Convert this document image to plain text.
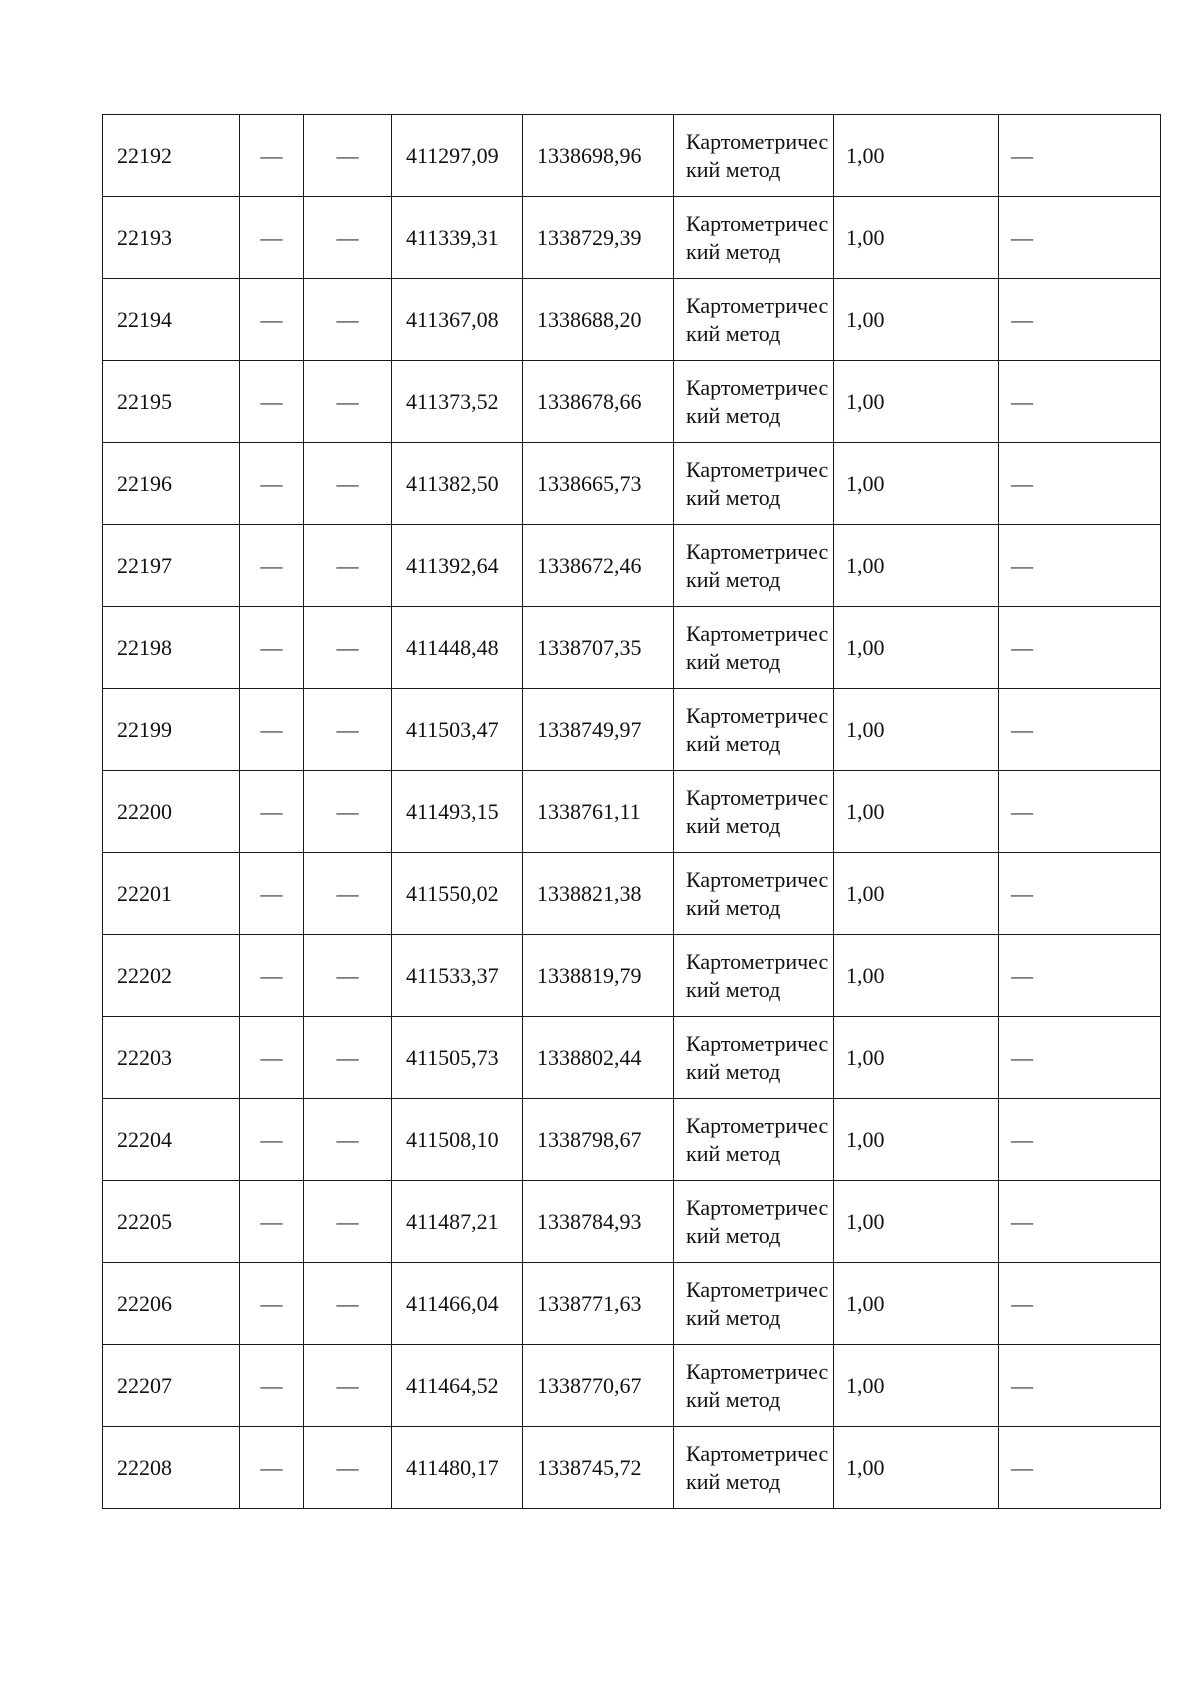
22192	—	—	411297,09	1338698,96	Картометрический метод	1,00	—
22193	—	—	411339,31	1338729,39	Картометрический метод	1,00	—
22194	—	—	411367,08	1338688,20	Картометрический метод	1,00	—
22195	—	—	411373,52	1338678,66	Картометрический метод	1,00	—
22196	—	—	411382,50	1338665,73	Картометрический метод	1,00	—
22197	—	—	411392,64	1338672,46	Картометрический метод	1,00	—
22198	—	—	411448,48	1338707,35	Картометрический метод	1,00	—
22199	—	—	411503,47	1338749,97	Картометрический метод	1,00	—
22200	—	—	411493,15	1338761,11	Картометрический метод	1,00	—
22201	—	—	411550,02	1338821,38	Картометрический метод	1,00	—
22202	—	—	411533,37	1338819,79	Картометрический метод	1,00	—
22203	—	—	411505,73	1338802,44	Картометрический метод	1,00	—
22204	—	—	411508,10	1338798,67	Картометрический метод	1,00	—
22205	—	—	411487,21	1338784,93	Картометрический метод	1,00	—
22206	—	—	411466,04	1338771,63	Картометрический метод	1,00	—
22207	—	—	411464,52	1338770,67	Картометрический метод	1,00	—
22208	—	—	411480,17	1338745,72	Картометрический метод	1,00	—
